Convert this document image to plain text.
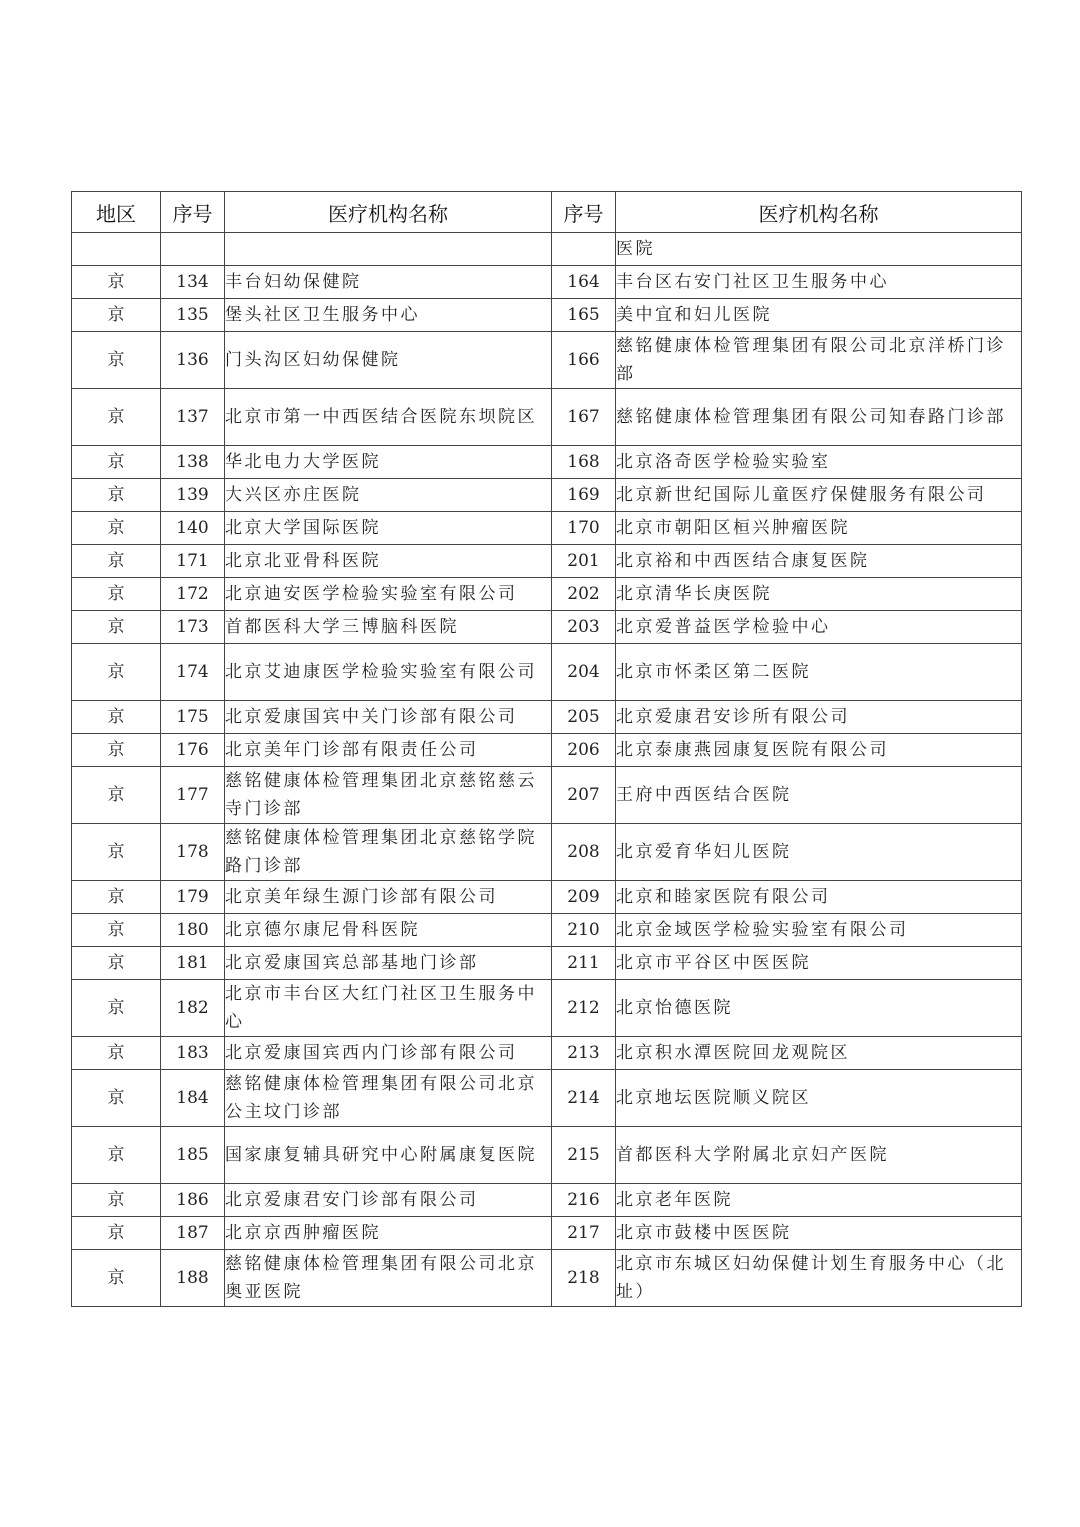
地区	序号	医疗机构名称	序号	医疗机构名称
				医院
京	134	丰台妇幼保健院	164	丰台区右安门社区卫生服务中心
京	135	堡头社区卫生服务中心	165	美中宜和妇儿医院
京	136	门头沟区妇幼保健院	166	慈铭健康体检管理集团有限公司北京洋桥门诊部
京	137	北京市第一中西医结合医院东坝院区	167	慈铭健康体检管理集团有限公司知春路门诊部
京	138	华北电力大学医院	168	北京洛奇医学检验实验室
京	139	大兴区亦庄医院	169	北京新世纪国际儿童医疗保健服务有限公司
京	140	北京大学国际医院	170	北京市朝阳区桓兴肿瘤医院
京	171	北京北亚骨科医院	201	北京裕和中西医结合康复医院
京	172	北京迪安医学检验实验室有限公司	202	北京清华长庚医院
京	173	首都医科大学三博脑科医院	203	北京爱普益医学检验中心
京	174	北京艾迪康医学检验实验室有限公司	204	北京市怀柔区第二医院
京	175	北京爱康国宾中关门诊部有限公司	205	北京爱康君安诊所有限公司
京	176	北京美年门诊部有限责任公司	206	北京泰康燕园康复医院有限公司
京	177	慈铭健康体检管理集团北京慈铭慈云寺门诊部	207	王府中西医结合医院
京	178	慈铭健康体检管理集团北京慈铭学院路门诊部	208	北京爱育华妇儿医院
京	179	北京美年绿生源门诊部有限公司	209	北京和睦家医院有限公司
京	180	北京德尔康尼骨科医院	210	北京金域医学检验实验室有限公司
京	181	北京爱康国宾总部基地门诊部	211	北京市平谷区中医医院
京	182	北京市丰台区大红门社区卫生服务中心	212	北京怡德医院
京	183	北京爱康国宾西内门诊部有限公司	213	北京积水潭医院回龙观院区
京	184	慈铭健康体检管理集团有限公司北京公主坟门诊部	214	北京地坛医院顺义院区
京	185	国家康复辅具研究中心附属康复医院	215	首都医科大学附属北京妇产医院
京	186	北京爱康君安门诊部有限公司	216	北京老年医院
京	187	北京京西肿瘤医院	217	北京市鼓楼中医医院
京	188	慈铭健康体检管理集团有限公司北京奥亚医院	218	北京市东城区妇幼保健计划生育服务中心（北址）
